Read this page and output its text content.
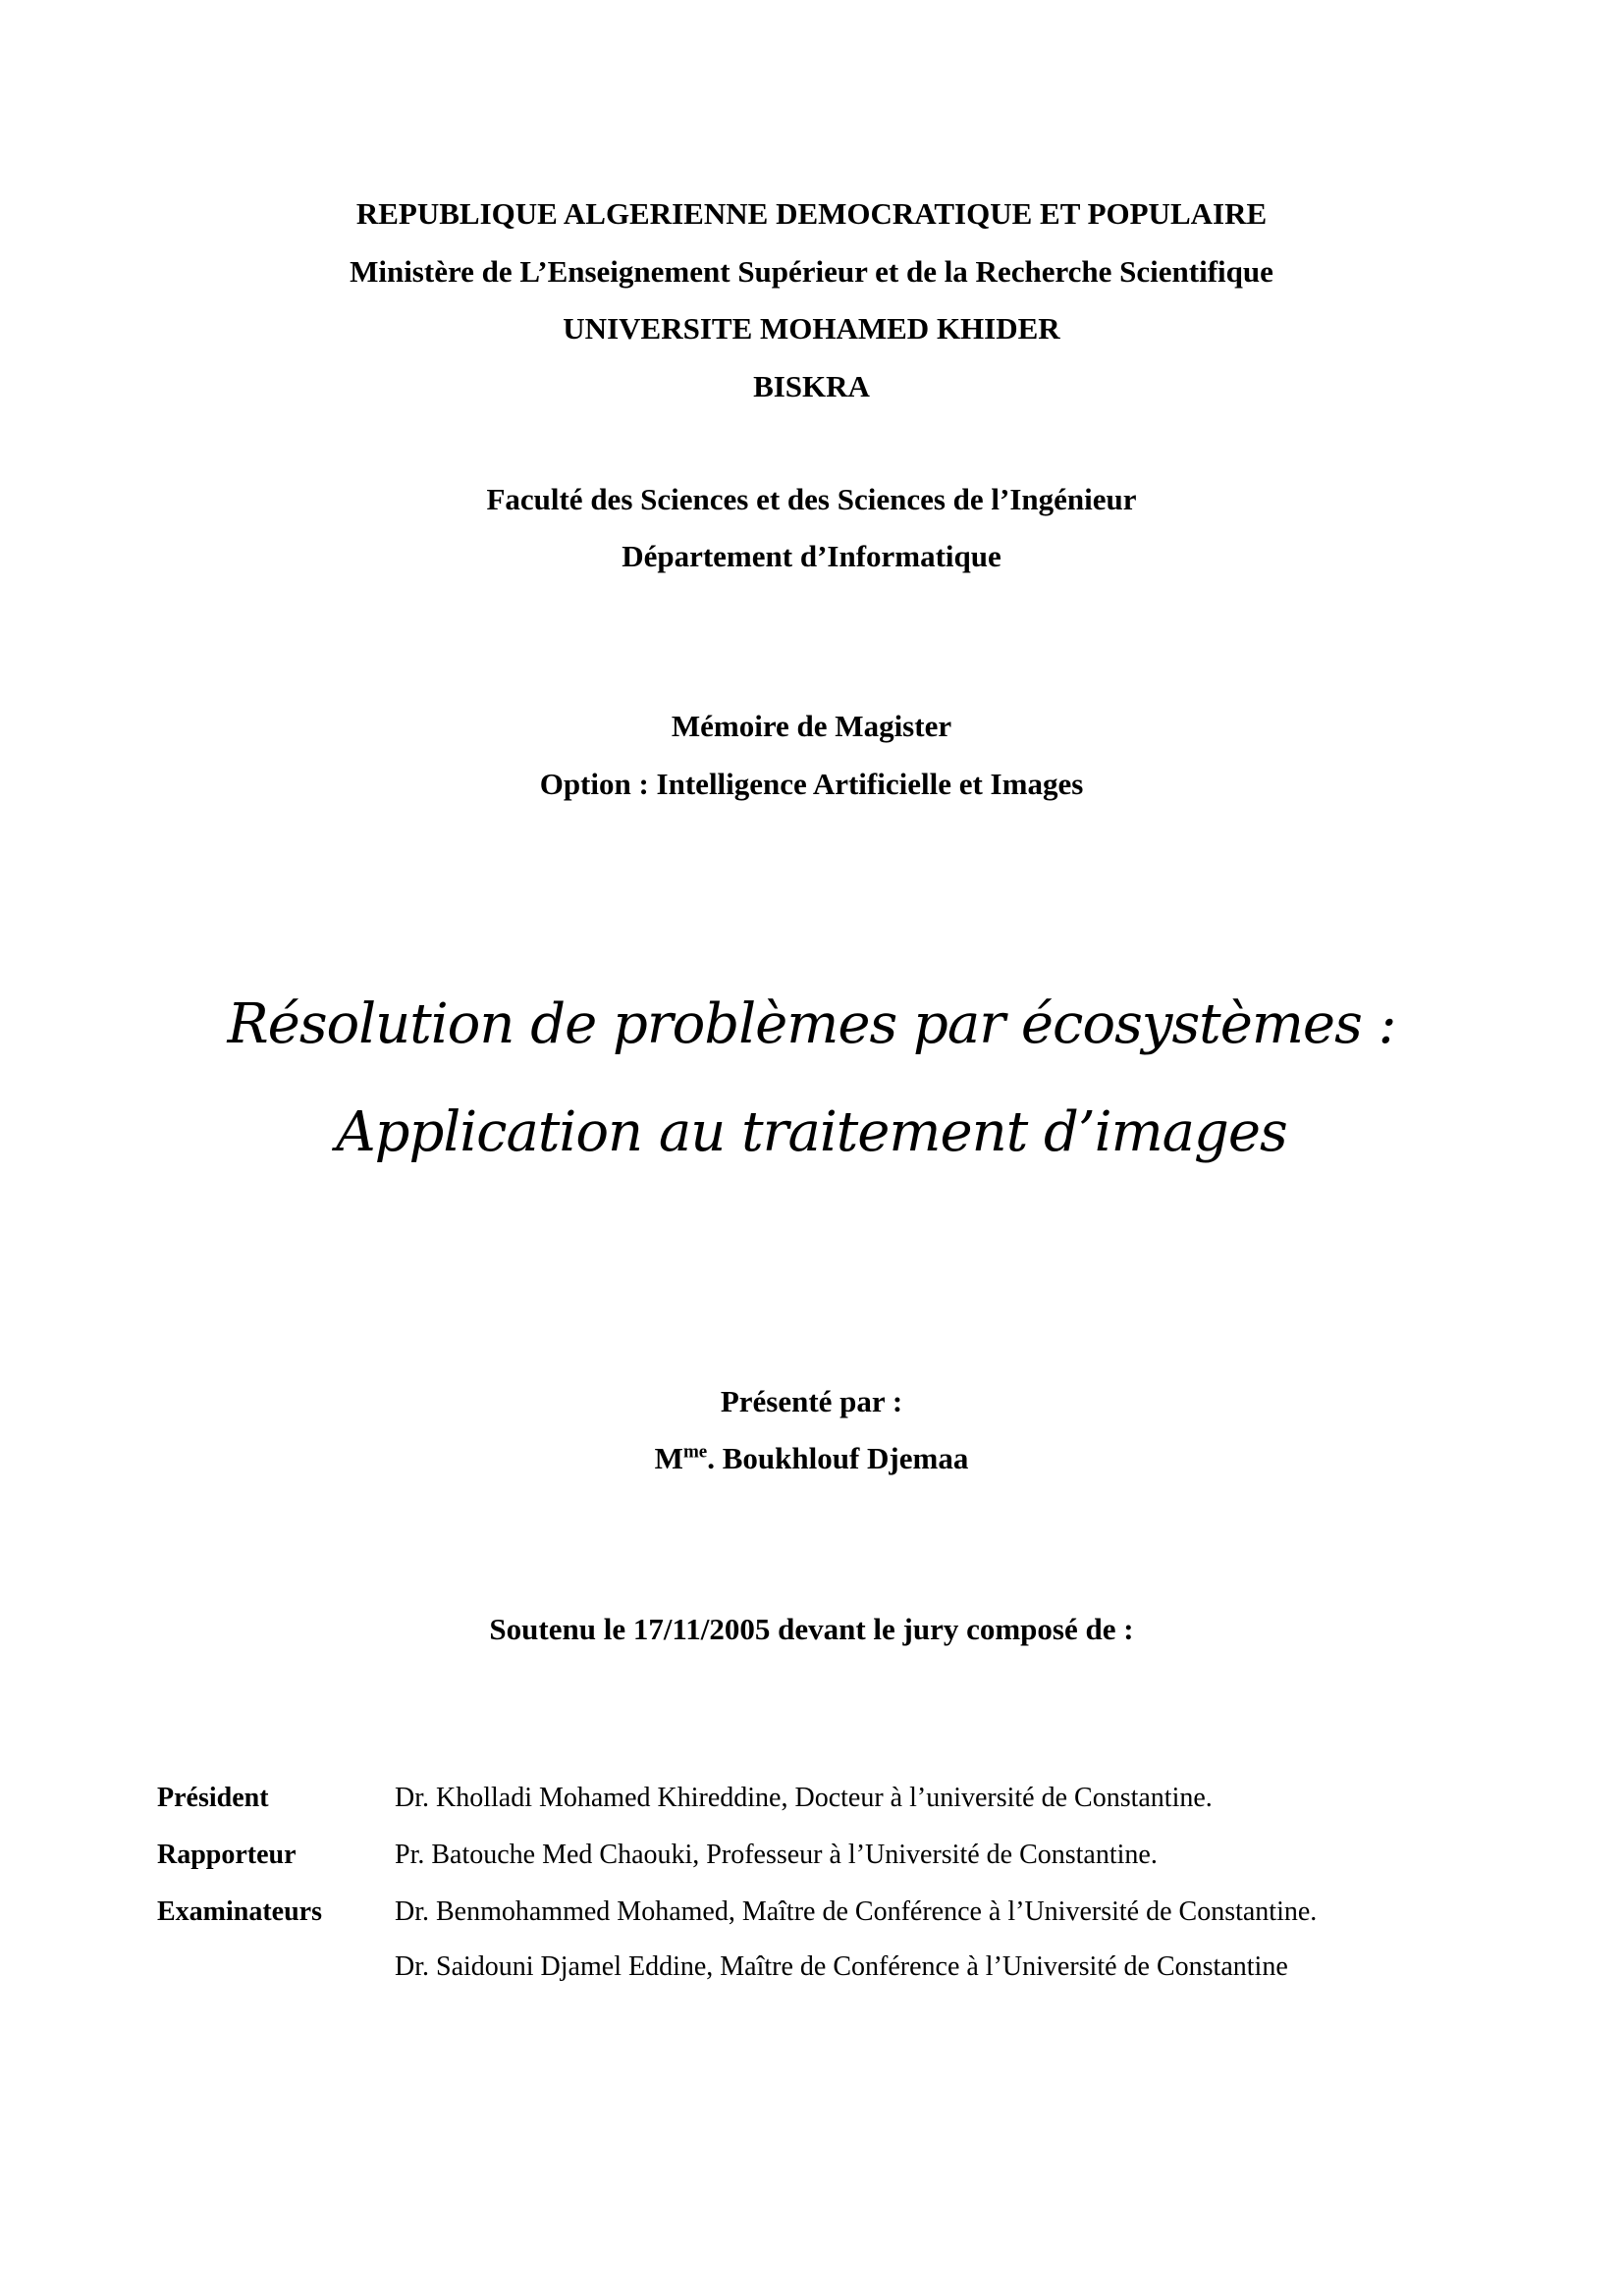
REPUBLIQUE ALGERIENNE DEMOCRATIQUE ET POPULAIRE
Ministère de L’Enseignement Supérieur et de la Recherche Scientifique
UNIVERSITE MOHAMED KHIDER
BISKRA
Faculté des Sciences et des Sciences de l’Ingénieur
Département d’Informatique
Mémoire de Magister
Option : Intelligence Artificielle et Images
Résolution de problèmes par écosystèmes :
Application au traitement d’images
Présenté par :
$M^{me}$. Boukhlouf Djemaa
Soutenu le 17/11/2005 devant le jury composé de :
Président	Dr. Kholladi Mohamed Khireddine, Docteur à l’université de Constantine.
Rapporteur	Pr. Batouche Med Chaouki, Professeur à l’Université de Constantine.
Examinateurs	Dr. Benmohammed Mohamed, Maître de Conférence à l’Université de Constantine.
Dr. Saidouni Djamel Eddine, Maître de Conférence à l’Université de Constantine
